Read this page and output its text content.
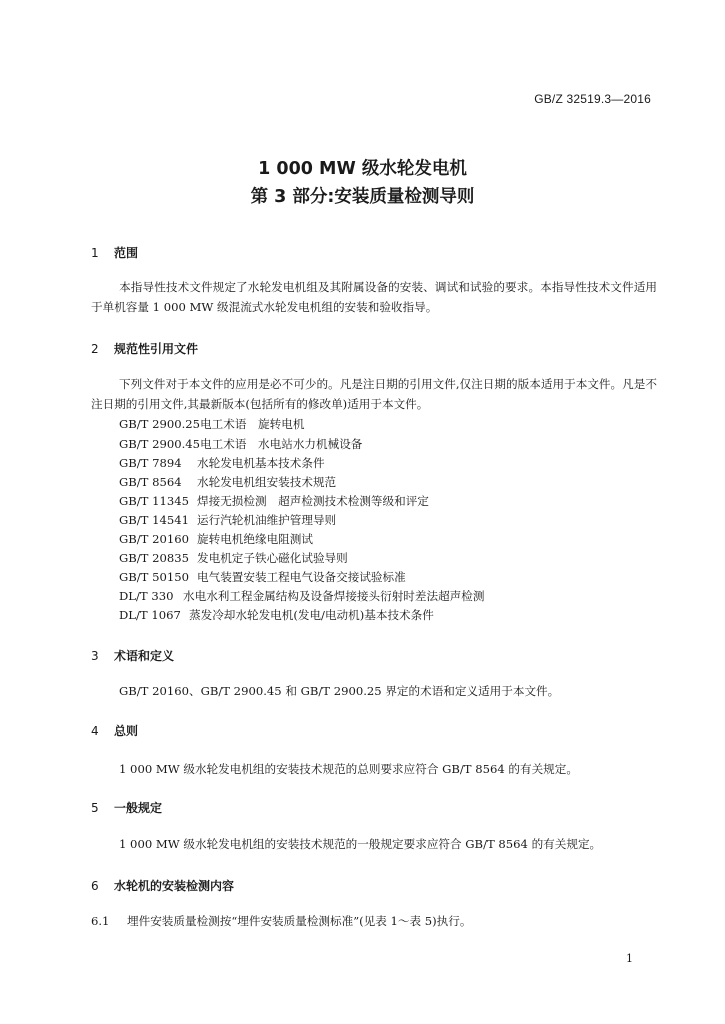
GB/Z 32519.3—2016
1 000 MW 级水轮发电机
第 3 部分:安装质量检测导则
1 范围
本指导性技术文件规定了水轮发电机组及其附属设备的安装、调试和试验的要求。本指导性技术文件适用于单机容量 1 000 MW 级混流式水轮发电机组的安装和验收指导。
2 规范性引用文件
下列文件对于本文件的应用是必不可少的。凡是注日期的引用文件,仅注日期的版本适用于本文件。凡是不注日期的引用文件,其最新版本(包括所有的修改单)适用于本文件。
GB/T 2900.25电工术语　旋转电机
GB/T 2900.45电工术语　水电站水力机械设备
GB/T 7894 水轮发电机基本技术条件
GB/T 8564 水轮发电机组安装技术规范
GB/T 11345 焊接无损检测　超声检测技术检测等级和评定
GB/T 14541 运行汽轮机油维护管理导则
GB/T 20160 旋转电机绝缘电阻测试
GB/T 20835 发电机定子铁心磁化试验导则
GB/T 50150 电气装置安装工程电气设备交接试验标准
DL/T 330 水电水利工程金属结构及设备焊接接头衍射时差法超声检测
DL/T 1067 蒸发冷却水轮发电机(发电/电动机)基本技术条件
3 术语和定义
GB/T 20160、GB/T 2900.45 和 GB/T 2900.25 界定的术语和定义适用于本文件。
4 总则
1 000 MW 级水轮发电机组的安装技术规范的总则要求应符合 GB/T 8564 的有关规定。
5 一般规定
1 000 MW 级水轮发电机组的安装技术规范的一般规定要求应符合 GB/T 8564 的有关规定。
6 水轮机的安装检测内容
6.1 埋件安装质量检测按“埋件安装质量检测标准”(见表 1～表 5)执行。
1
